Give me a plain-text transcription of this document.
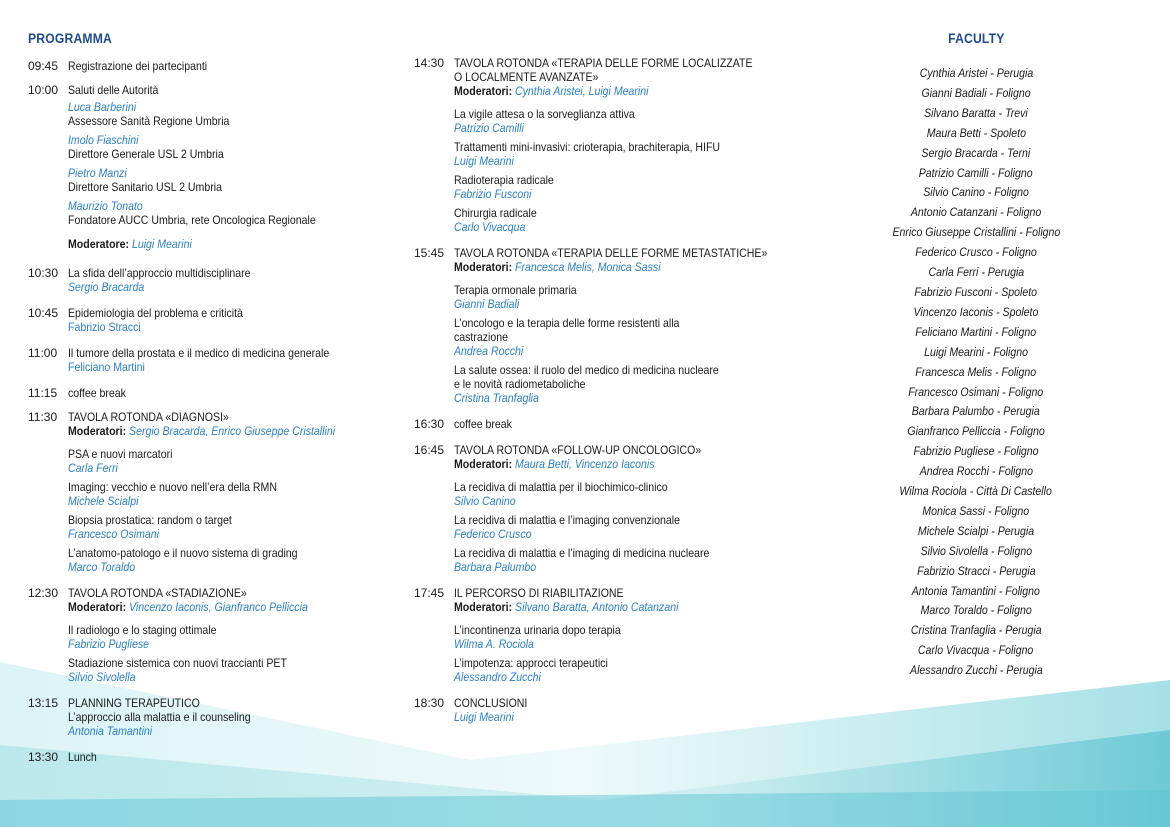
PROGRAMMA
09:45 Registrazione dei partecipanti
10:00 Saluti delle Autorità
Luca Barberini
Assessore Sanità Regione Umbria
Imolo Fiaschini
Direttore Generale USL 2 Umbria
Pietro Manzi
Direttore Sanitario USL 2 Umbria
Maurizio Tonato
Fondatore AUCC Umbria, rete Oncologica Regionale
Moderatore: Luigi Mearini
10:30 La sfida dell’approccio multidisciplinare
Sergio Bracarda
10:45 Epidemiologia del problema e criticità
Fabrizio Stracci
11:00 Il tumore della prostata e il medico di medicina generale
Feliciano Martini
11:15 coffee break
11:30 TAVOLA ROTONDA «DIAGNOSI»
Moderatori: Sergio Bracarda, Enrico Giuseppe Cristallini
PSA e nuovi marcatori
Carla Ferri
Imaging: vecchio e nuovo nell’era della RMN
Michele Scialpi
Biopsia prostatica: random o target
Francesco Osimani
L’anatomo-patologo e il nuovo sistema di grading
Marco Toraldo
12:30 TAVOLA ROTONDA «STADIAZIONE»
Moderatori: Vincenzo Iaconis, Gianfranco Pelliccia
Il radiologo e lo staging ottimale
Fabrizio Pugliese
Stadiazione sistemica con nuovi traccianti PET
Silvio Sivolella
13:15 PLANNING TERAPEUTICO
L’approccio alla malattia e il counseling
Antonia Tamantini
13:30 Lunch
14:30 TAVOLA ROTONDA «TERAPIA DELLE FORME LOCALIZZATE
O LOCALMENTE AVANZATE»
Moderatori: Cynthia Aristei, Luigi Mearini
La vigile attesa o la sorveglianza attiva
Patrizio Camilli
Trattamenti mini-invasivi: crioterapia, brachiterapia, HIFU
Luigi Mearini
Radioterapia radicale
Fabrizio Fusconi
Chirurgia radicale
Carlo Vivacqua
15:45 TAVOLA ROTONDA «TERAPIA DELLE FORME METASTATICHE»
Moderatori: Francesca Melis, Monica Sassi
Terapia ormonale primaria
Gianni Badiali
L’oncologo e la terapia delle forme resistenti alla
castrazione
Andrea Rocchi
La salute ossea: il ruolo del medico di medicina nucleare
e le novità radiometaboliche
Cristina Tranfaglia
16:30 coffee break
16:45 TAVOLA ROTONDA «FOLLOW-UP ONCOLOGICO»
Moderatori: Maura Betti, Vincenzo Iaconis
La recidiva di malattia per il biochimico-clinico
Silvio Canino
La recidiva di malattia e l’imaging convenzionale
Federico Crusco
La recidiva di malattia e l’imaging di medicina nucleare
Barbara Palumbo
17:45 IL PERCORSO DI RIABILITAZIONE
Moderatori: Silvano Baratta, Antonio Catanzani
L’incontinenza urinaria dopo terapia
Wilma A. Rociola
L’impotenza: approcci terapeutici
Alessandro Zucchi
18:30 CONCLUSIONI
Luigi Mearini
FACULTY
Cynthia Aristei - Perugia
Gianni Badiali - Foligno
Silvano Baratta - Trevi
Maura Betti - Spoleto
Sergio Bracarda - Terni
Patrizio Camilli - Foligno
Silvio Canino - Foligno
Antonio Catanzani - Foligno
Enrico Giuseppe Cristallini - Foligno
Federico Crusco - Foligno
Carla Ferri - Perugia
Fabrizio Fusconi - Spoleto
Vincenzo Iaconis - Spoleto
Feliciano Martini - Foligno
Luigi Mearini - Foligno
Francesca Melis - Foligno
Francesco Osimani - Foligno
Barbara Palumbo - Perugia
Gianfranco Pelliccia - Foligno
Fabrizio Pugliese - Foligno
Andrea Rocchi - Foligno
Wilma Rociola - Città Di Castello
Monica Sassi - Foligno
Michele Scialpi - Perugia
Silvio Sivolella - Foligno
Fabrizio Stracci - Perugia
Antonia Tamantini - Foligno
Marco Toraldo - Foligno
Cristina Tranfaglia - Perugia
Carlo Vivacqua - Foligno
Alessandro Zucchi - Perugia
